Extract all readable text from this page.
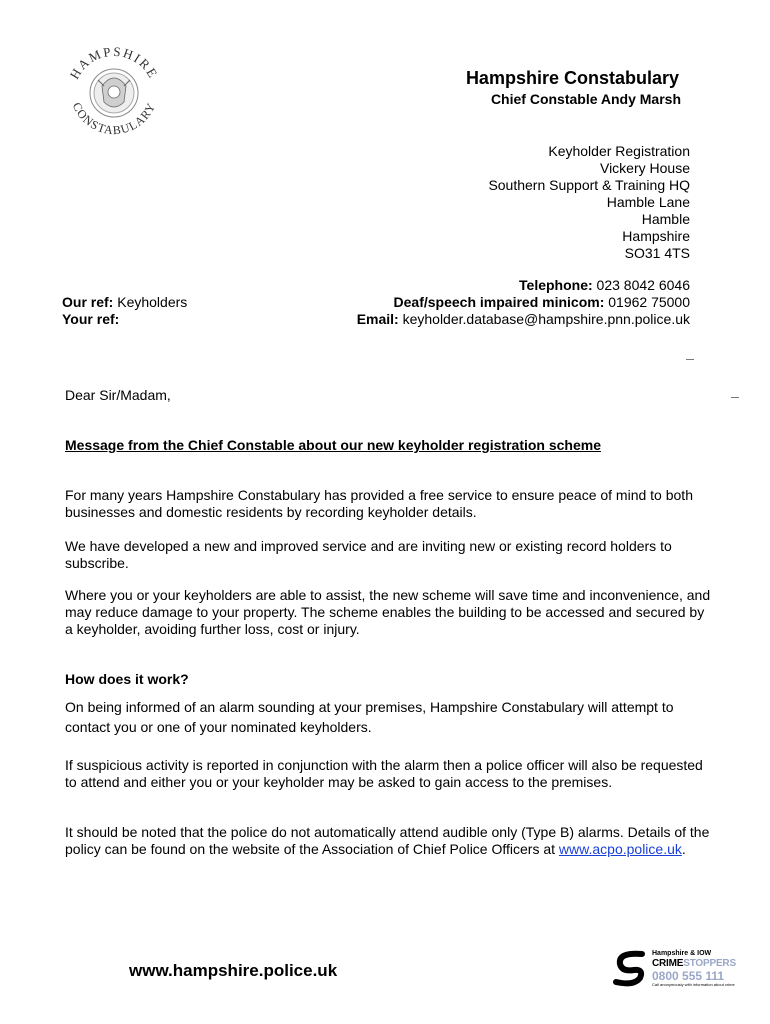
HAMPSHIRE
CONSTABULARY
Hampshire Constabulary
Chief Constable Andy Marsh
Keyholder Registration
Vickery House
Southern Support & Training HQ
Hamble Lane
Hamble
Hampshire
SO31 4TS
Telephone: 023 8042 6046
Deaf/speech impaired minicom: 01962 75000
Email: keyholder.database@hampshire.pnn.police.uk
Our ref: Keyholders
Your ref:
Dear Sir/Madam,
Message from the Chief Constable about our new keyholder registration scheme
For many years Hampshire Constabulary has provided a free service to ensure peace of mind to both businesses and domestic residents by recording keyholder details.
We have developed a new and improved service and are inviting new or existing record holders to subscribe.
Where you or your keyholders are able to assist, the new scheme will save time and inconvenience, and may reduce damage to your property. The scheme enables the building to be accessed and secured by a keyholder, avoiding further loss, cost or injury.
How does it work?
On being informed of an alarm sounding at your premises, Hampshire Constabulary will attempt to contact you or one of your nominated keyholders.
If suspicious activity is reported in conjunction with the alarm then a police officer will also be requested to attend and either you or your keyholder may be asked to gain access to the premises.
It should be noted that the police do not automatically attend audible only (Type B) alarms. Details of the policy can be found on the website of the Association of Chief Police Officers at www.acpo.police.uk.
www.hampshire.police.uk
Hampshire & IOW
CRIMESTOPPERS
0800 555 111
Call anonymously with information about crime
